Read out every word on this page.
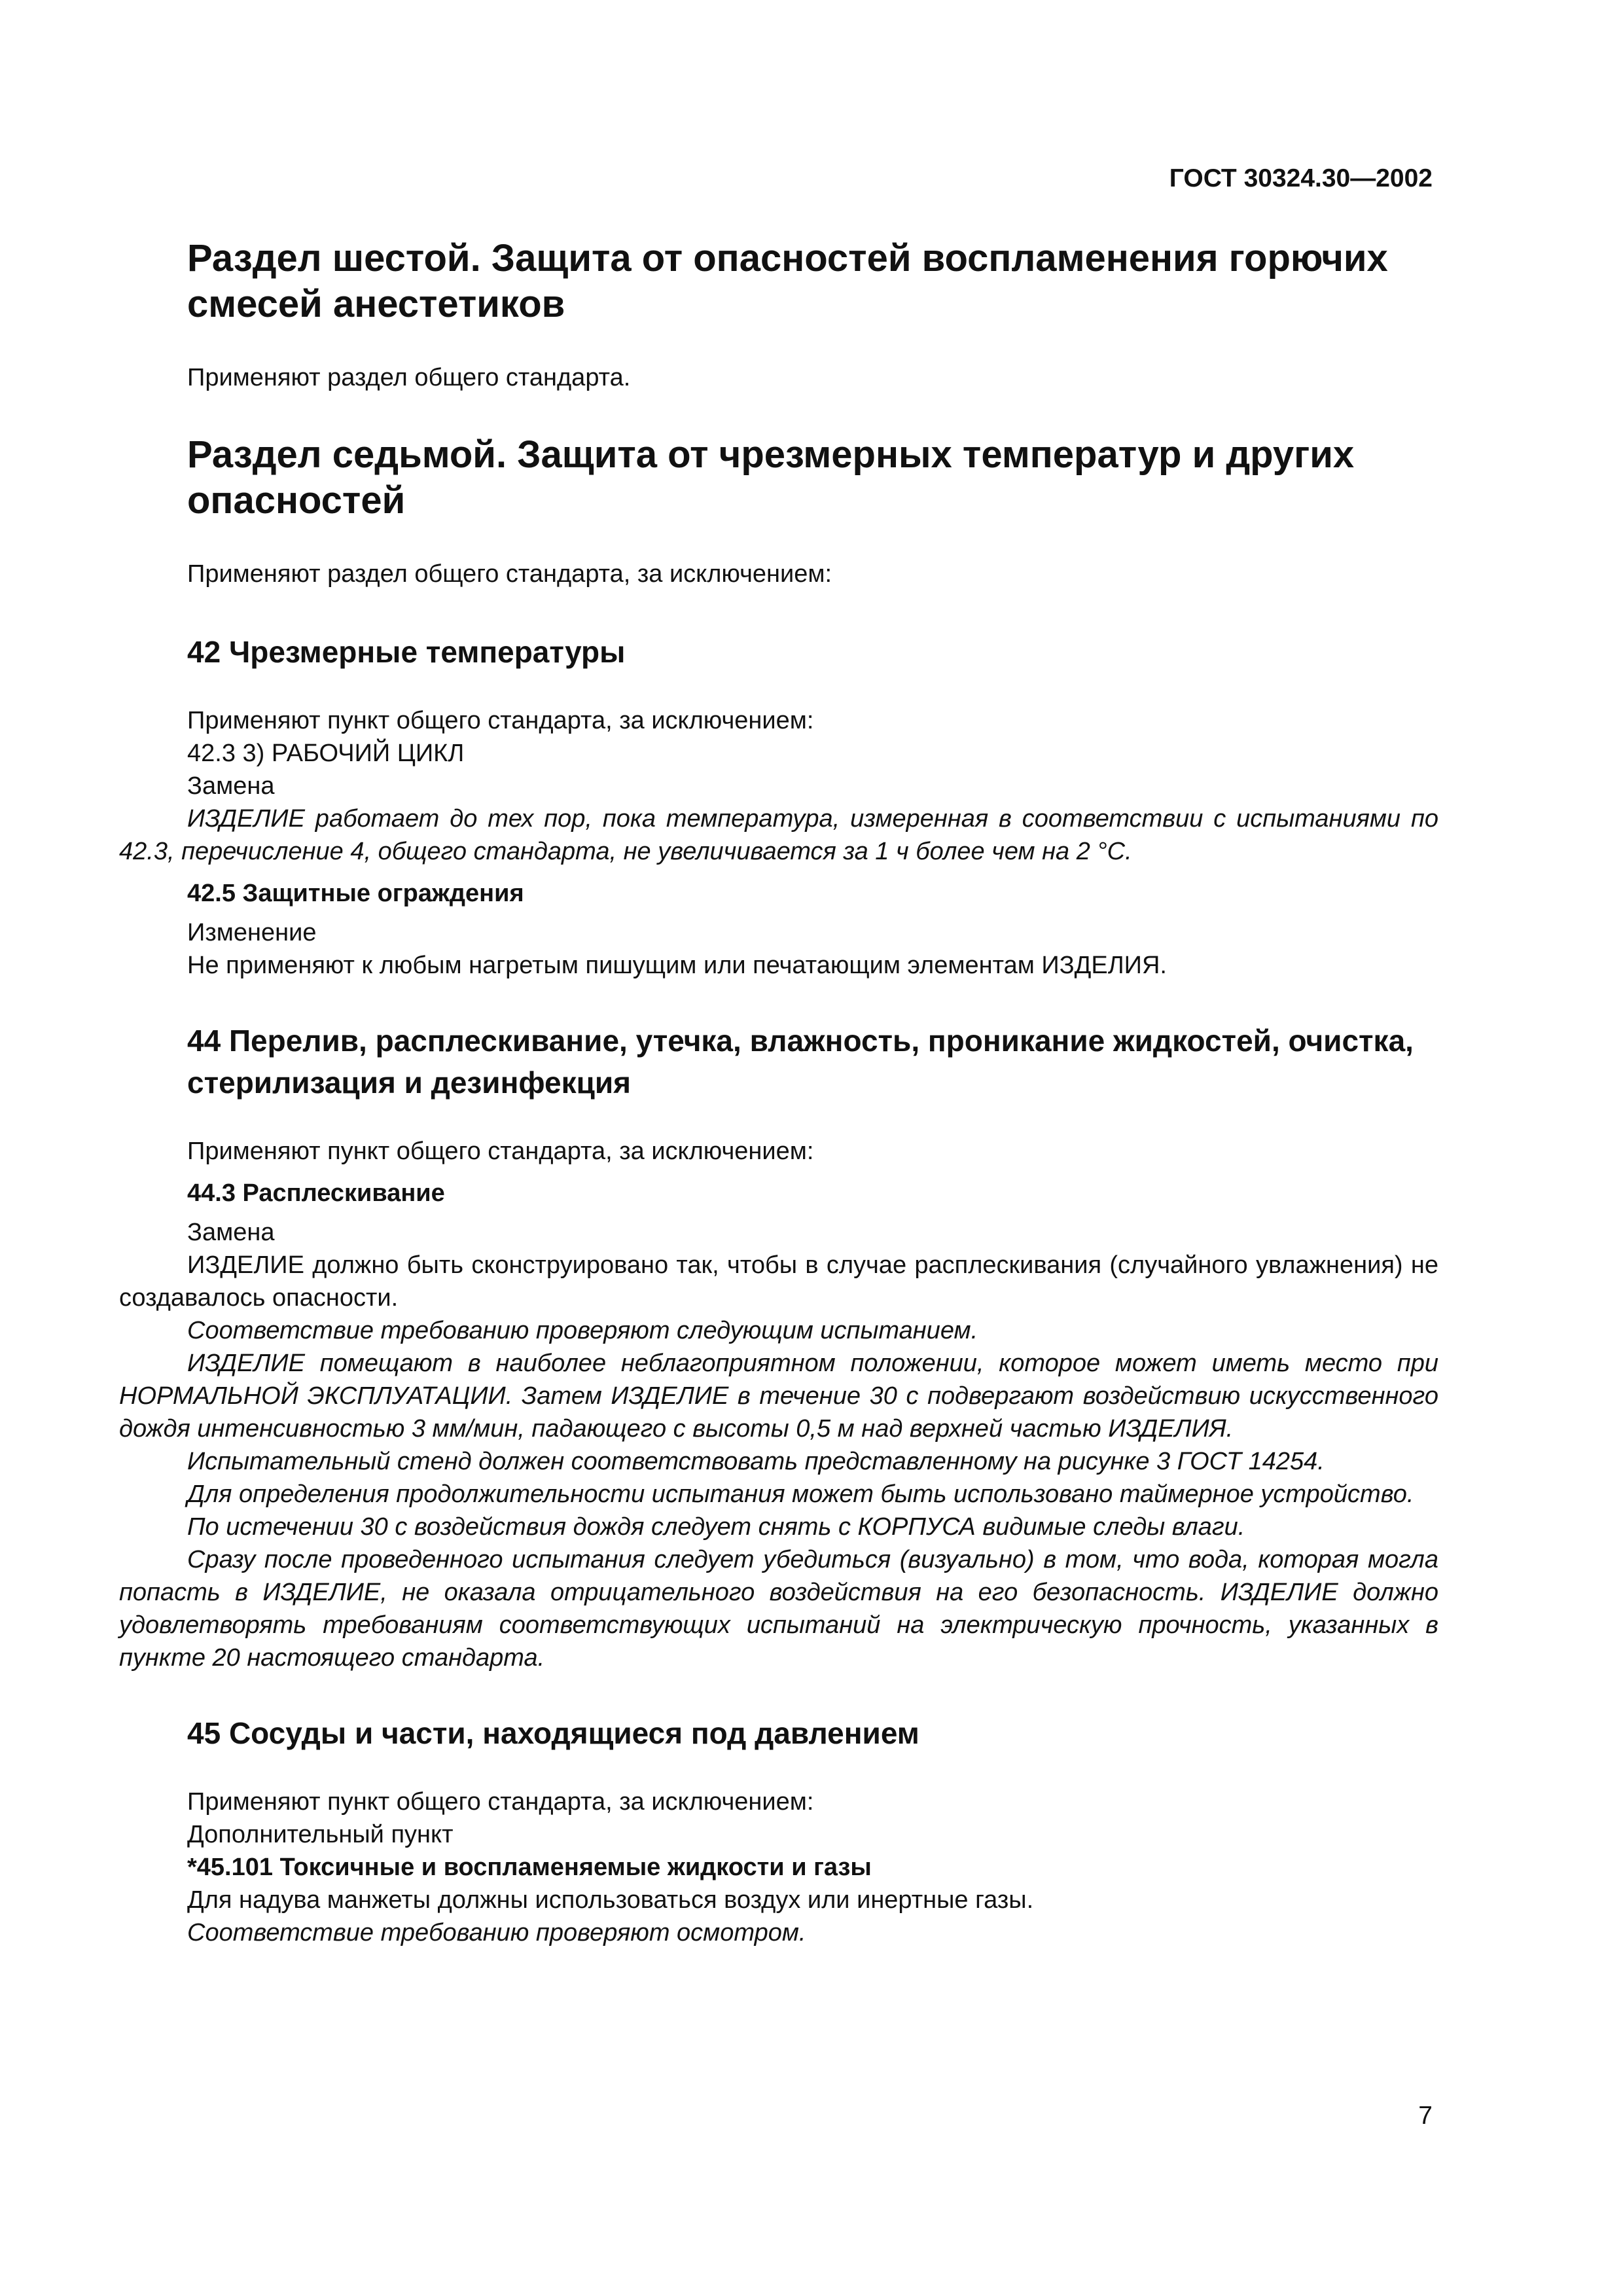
ГОСТ 30324.30—2002
Раздел шестой. Защита от опасностей воспламенения горючих смесей анестетиков
Применяют раздел общего стандарта.
Раздел седьмой. Защита от чрезмерных температур и других опасностей
Применяют раздел общего стандарта, за исключением:
42 Чрезмерные температуры
Применяют пункт общего стандарта, за исключением:
42.3 3) РАБОЧИЙ ЦИКЛ
Замена
ИЗДЕЛИЕ работает до тех пор, пока температура, измеренная в соответствии с испытаниями по 42.3, перечисление 4, общего стандарта, не увеличивается за 1 ч более чем на 2 °С.
42.5 Защитные ограждения
Изменение
Не применяют к любым нагретым пишущим или печатающим элементам ИЗДЕЛИЯ.
44 Перелив, расплескивание, утечка, влажность, проникание жидкостей, очистка, стерилизация и дезинфекция
Применяют пункт общего стандарта, за исключением:
44.3 Расплескивание
Замена
ИЗДЕЛИЕ должно быть сконструировано так, чтобы в случае расплескивания (случайного увлажнения) не создавалось опасности.
Соответствие требованию проверяют следующим испытанием.
ИЗДЕЛИЕ помещают в наиболее неблагоприятном положении, которое может иметь место при НОРМАЛЬНОЙ ЭКСПЛУАТАЦИИ. Затем ИЗДЕЛИЕ в течение 30 с подвергают воздействию искусственного дождя интенсивностью 3 мм/мин, падающего с высоты 0,5 м над верхней частью ИЗДЕЛИЯ.
Испытательный стенд должен соответствовать представленному на рисунке 3 ГОСТ 14254.
Для определения продолжительности испытания может быть использовано таймерное устройство.
По истечении 30 с воздействия дождя следует снять с КОРПУСА видимые следы влаги.
Сразу после проведенного испытания следует убедиться (визуально) в том, что вода, которая могла попасть в ИЗДЕЛИЕ, не оказала отрицательного воздействия на его безопасность. ИЗДЕЛИЕ должно удовлетворять требованиям соответствующих испытаний на электрическую прочность, указанных в пункте 20 настоящего стандарта.
45 Сосуды и части, находящиеся под давлением
Применяют пункт общего стандарта, за исключением:
Дополнительный пункт
*45.101 Токсичные и воспламеняемые жидкости и газы
Для надува манжеты должны использоваться воздух или инертные газы.
Соответствие требованию проверяют осмотром.
7
